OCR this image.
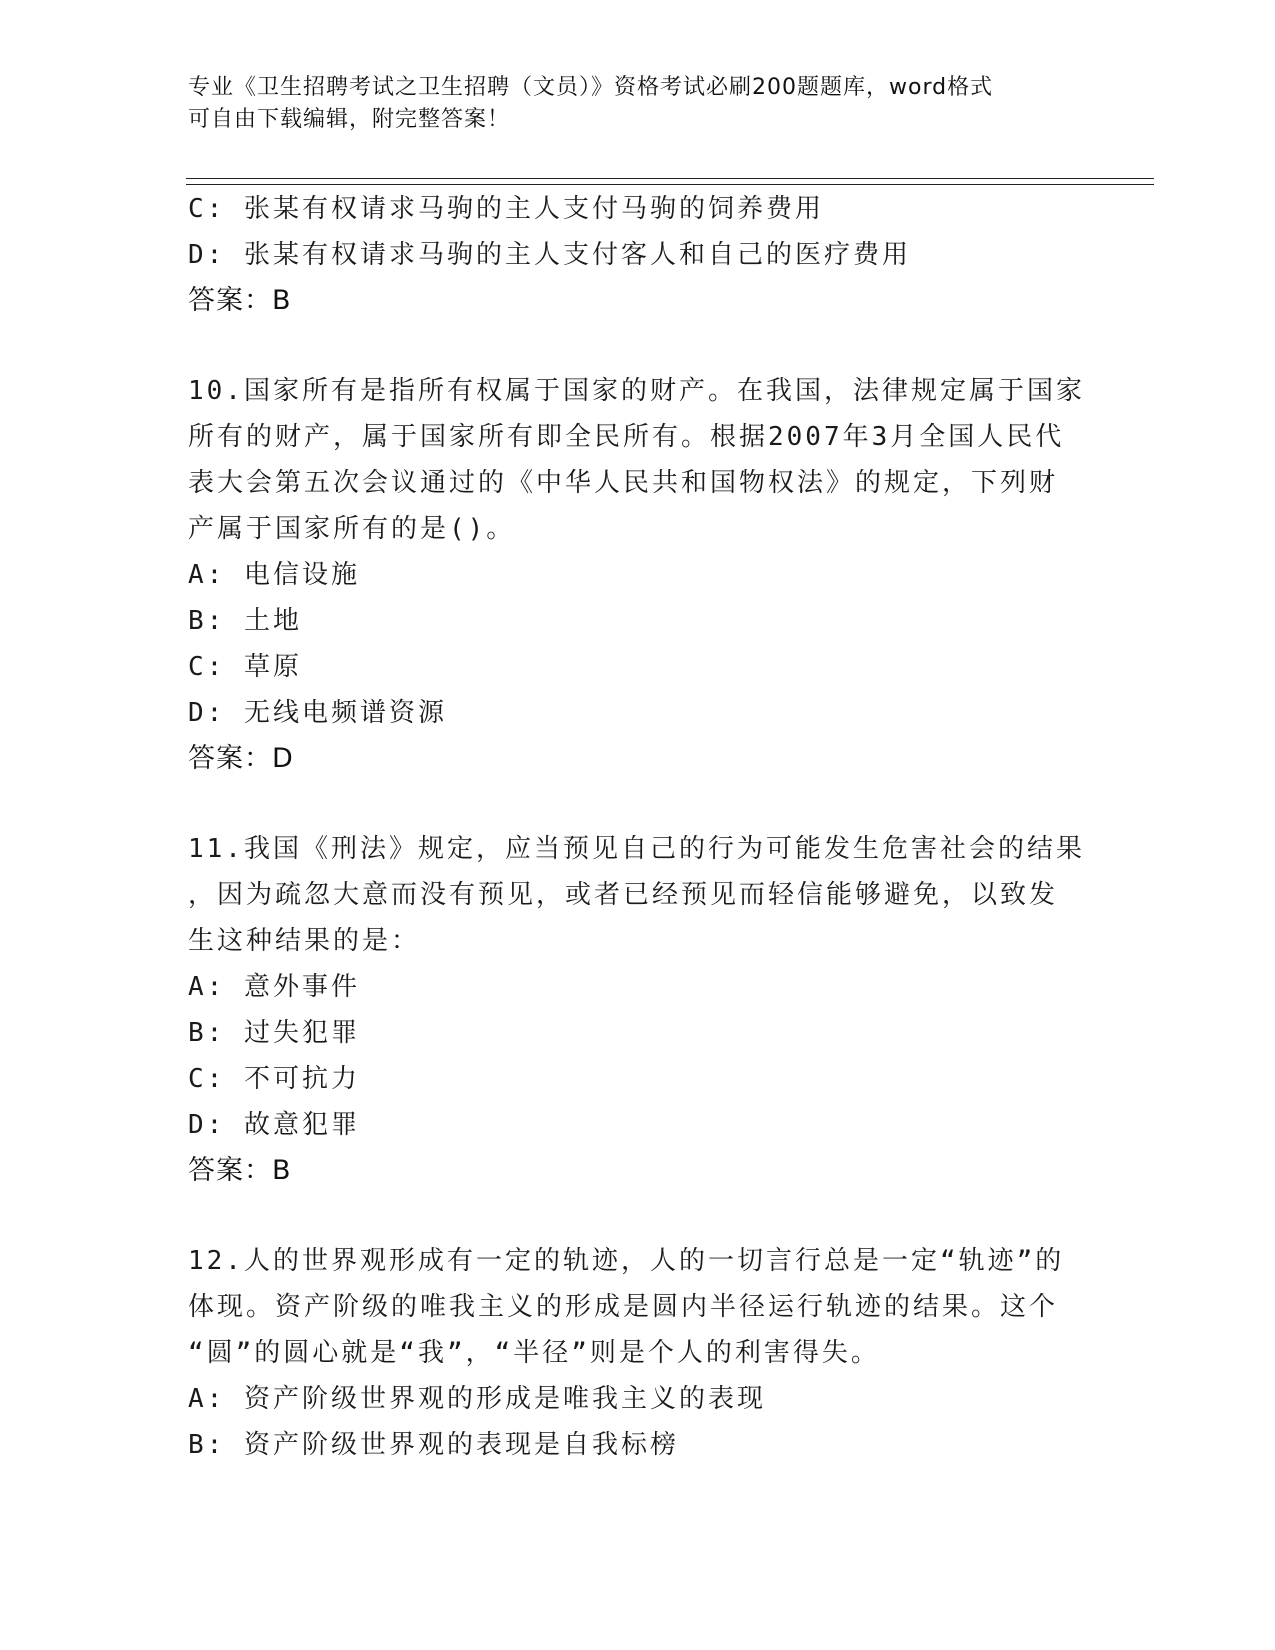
专业《卫生招聘考试之卫生招聘（文员）》资格考试必刷200题题库，word格式
可自由下载编辑，附完整答案！
C: 张某有权请求马驹的主人支付马驹的饲养费用
D: 张某有权请求马驹的主人支付客人和自己的医疗费用
答案：B
10.国家所有是指所有权属于国家的财产。在我国，法律规定属于国家
所有的财产，属于国家所有即全民所有。根据2007年3月全国人民代
表大会第五次会议通过的《中华人民共和国物权法》的规定，下列财
产属于国家所有的是()。
A: 电信设施
B: 土地
C: 草原
D: 无线电频谱资源
答案：D
11.我国《刑法》规定，应当预见自己的行为可能发生危害社会的结果
，因为疏忽大意而没有预见，或者已经预见而轻信能够避免，以致发
生这种结果的是：
A: 意外事件
B: 过失犯罪
C: 不可抗力
D: 故意犯罪
答案：B
12.人的世界观形成有一定的轨迹，人的一切言行总是一定“轨迹”的
体现。资产阶级的唯我主义的形成是圆内半径运行轨迹的结果。这个
“圆”的圆心就是“我”，“半径”则是个人的利害得失。
A: 资产阶级世界观的形成是唯我主义的表现
B: 资产阶级世界观的表现是自我标榜
